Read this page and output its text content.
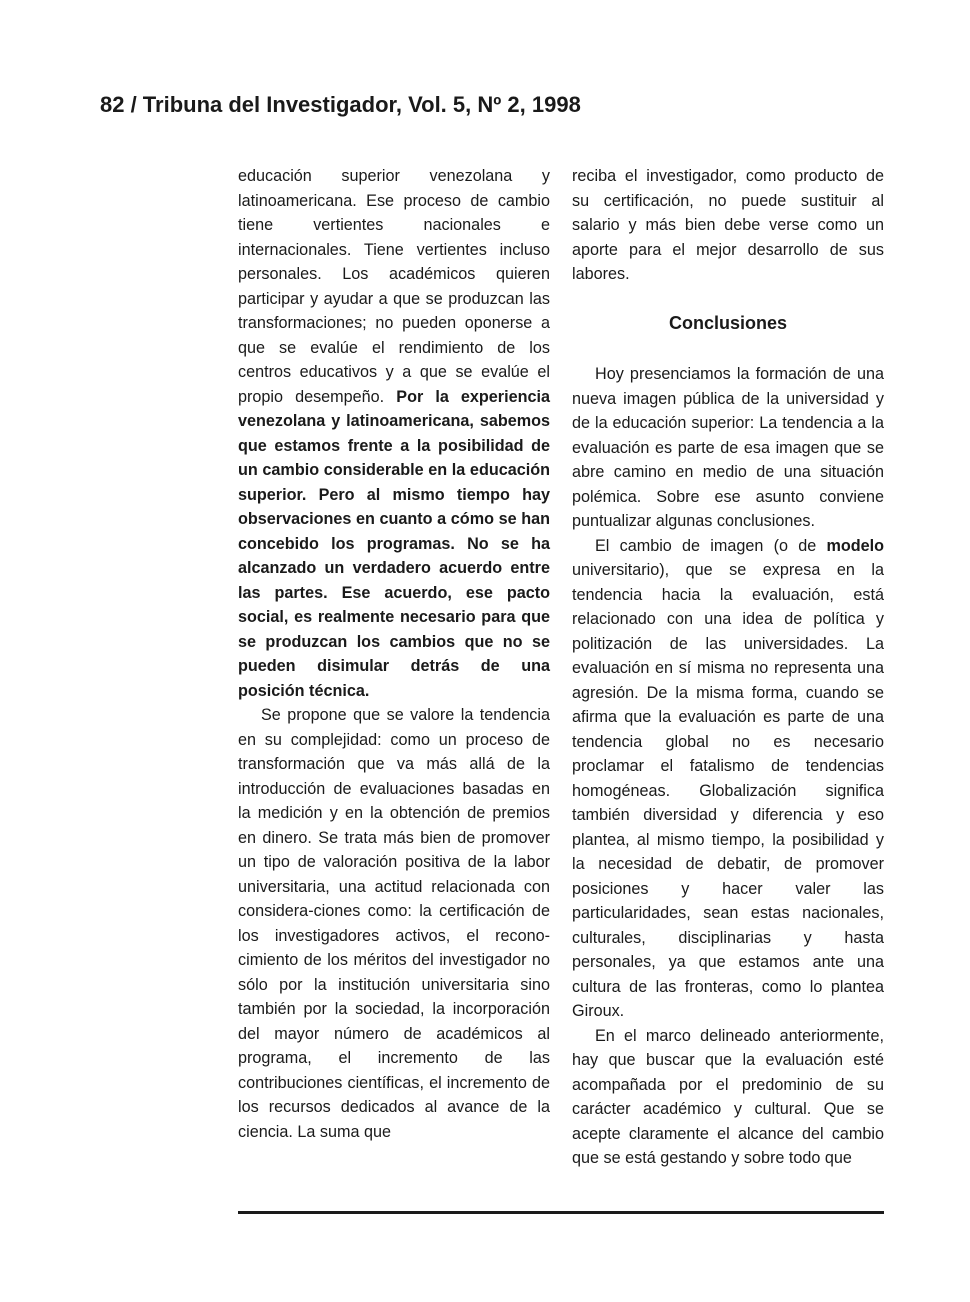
82 / Tribuna del Investigador, Vol. 5, Nº 2, 1998

educación superior venezolana y latinoamericana. Ese proceso de cambio tiene vertientes nacionales e internacionales. Tiene vertientes incluso personales. Los académicos quieren participar y ayudar a que se produzcan las transformaciones; no pueden oponerse a que se evalúe el rendimiento de los centros educativos y a que se evalúe el propio desempeño. Por la experiencia venezolana y latinoamericana, sabemos que estamos frente a la posibilidad de un cambio considerable en la educación superior. Pero al mismo tiempo hay observaciones en cuanto a cómo se han concebido los programas. No se ha alcanzado un verdadero acuerdo entre las partes. Ese acuerdo, ese pacto social, es realmente necesario para que se produzcan los cambios que no se pueden disimular detrás de una posición técnica.

Se propone que se valore la tendencia en su complejidad: como un proceso de transformación que va más allá de la introducción de evaluaciones basadas en la medición y en la obtención de premios en dinero. Se trata más bien de promover un tipo de valoración positiva de la labor universitaria, una actitud relacionada con considera-ciones como: la certificación de los investigadores activos, el recono-cimiento de los méritos del investigador no sólo por la institución universitaria sino también por la sociedad, la incorporación del mayor número de académicos al programa, el incremento de las contribuciones científicas, el incremento de los recursos dedicados al avance de la ciencia. La suma que

reciba el investigador, como producto de su certificación, no puede sustituir al salario y más bien debe verse como un aporte para el mejor desarrollo de sus labores.

Conclusiones

Hoy presenciamos la formación de una nueva imagen pública de la universidad y de la educación superior: La tendencia a la evaluación es parte de esa imagen que se abre camino en medio de una situación polémica. Sobre ese asunto conviene puntualizar algunas conclusiones.

El cambio de imagen (o de modelo universitario), que se expresa en la tendencia hacia la evaluación, está relacionado con una idea de política y politización de las universidades. La evaluación en sí misma no representa una agresión. De la misma forma, cuando se afirma que la evaluación es parte de una tendencia global no es necesario proclamar el fatalismo de tendencias homogéneas. Globalización significa también diversidad y diferencia y eso plantea, al mismo tiempo, la posibilidad y la necesidad de debatir, de promover posiciones y hacer valer las particularidades, sean estas nacionales, culturales, disciplinarias y hasta personales, ya que estamos ante una cultura de las fronteras, como lo plantea Giroux.

En el marco delineado anteriormente, hay que buscar que la evaluación esté acompañada por el predominio de su carácter académico y cultural. Que se acepte claramente el alcance del cambio que se está gestando y sobre todo que
